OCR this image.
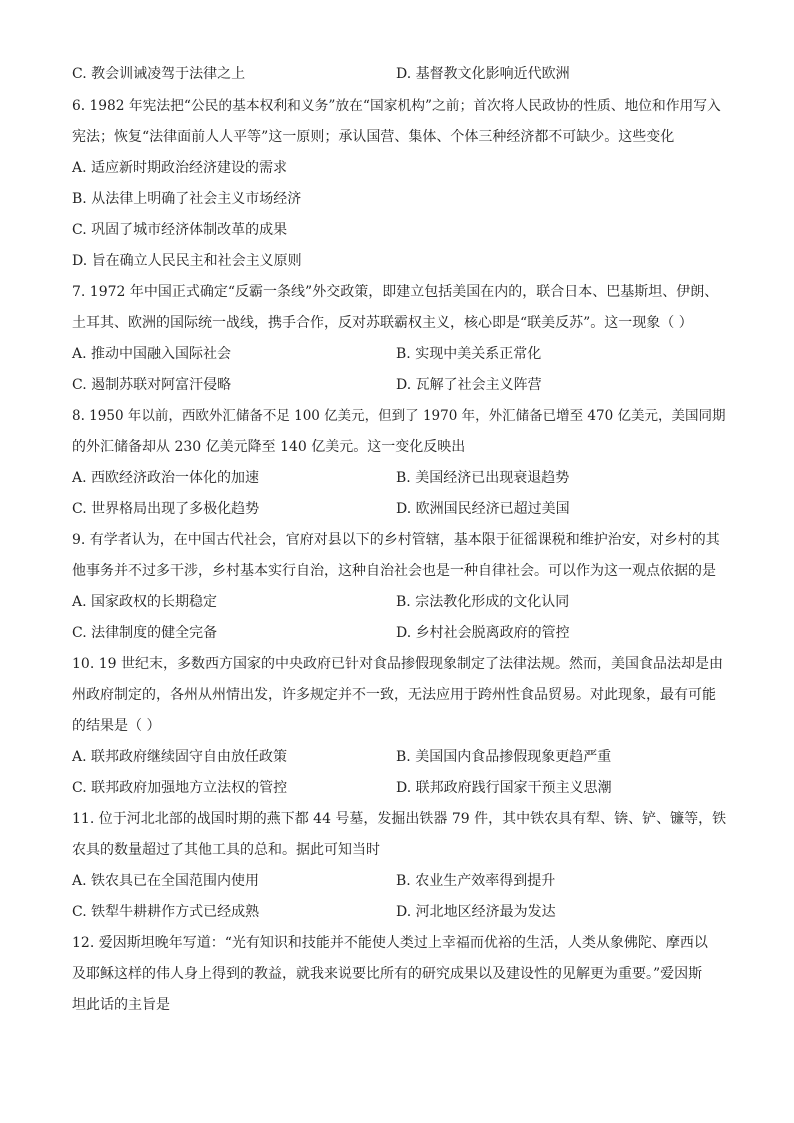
C. 教会训诫凌驾于法律之上	D. 基督教文化影响近代欧洲
6. 1982 年宪法把“公民的基本权利和义务”放在“国家机构”之前；首次将人民政协的性质、地位和作用写入
宪法；恢复“法律面前人人平等”这一原则；承认国营、集体、个体三种经济都不可缺少。这些变化
A. 适应新时期政治经济建设的需求
B. 从法律上明确了社会主义市场经济
C. 巩固了城市经济体制改革的成果
D. 旨在确立人民民主和社会主义原则
7. 1972 年中国正式确定“反霸一条线”外交政策，即建立包括美国在内的，联合日本、巴基斯坦、伊朗、
土耳其、欧洲的国际统一战线，携手合作，反对苏联霸权主义，核心即是“联美反苏”。这一现象（ ）
A. 推动中国融入国际社会	B. 实现中美关系正常化
C. 遏制苏联对阿富汗侵略	D. 瓦解了社会主义阵营
8. 1950 年以前，西欧外汇储备不足 100 亿美元，但到了 1970 年，外汇储备已增至 470 亿美元，美国同期
的外汇储备却从 230 亿美元降至 140 亿美元。这一变化反映出
A. 西欧经济政治一体化的加速	B. 美国经济已出现衰退趋势
C. 世界格局出现了多极化趋势	D. 欧洲国民经济已超过美国
9. 有学者认为，在中国古代社会，官府对县以下的乡村管辖，基本限于征徭课税和维护治安，对乡村的其
他事务并不过多干涉，乡村基本实行自治，这种自治社会也是一种自律社会。可以作为这一观点依据的是
A. 国家政权的长期稳定	B. 宗法教化形成的文化认同
C. 法律制度的健全完备	D. 乡村社会脱离政府的管控
10. 19 世纪末，多数西方国家的中央政府已针对食品掺假现象制定了法律法规。然而，美国食品法却是由
州政府制定的，各州从州情出发，许多规定并不一致，无法应用于跨州性食品贸易。对此现象，最有可能
的结果是（ ）
A. 联邦政府继续固守自由放任政策	B. 美国国内食品掺假现象更趋严重
C. 联邦政府加强地方立法权的管控	D. 联邦政府践行国家干预主义思潮
11. 位于河北北部的战国时期的燕下都 44 号墓，发掘出铁器 79 件，其中铁农具有犁、锛、铲、镰等，铁
农具的数量超过了其他工具的总和。据此可知当时
A. 铁农具已在全国范围内使用	B. 农业生产效率得到提升
C. 铁犁牛耕耕作方式已经成熟	D. 河北地区经济最为发达
12. 爱因斯坦晚年写道：“光有知识和技能并不能使人类过上幸福而优裕的生活，人类从象佛陀、摩西以
及耶稣这样的伟人身上得到的教益，就我来说要比所有的研究成果以及建设性的见解更为重要。”爱因斯
坦此话的主旨是
